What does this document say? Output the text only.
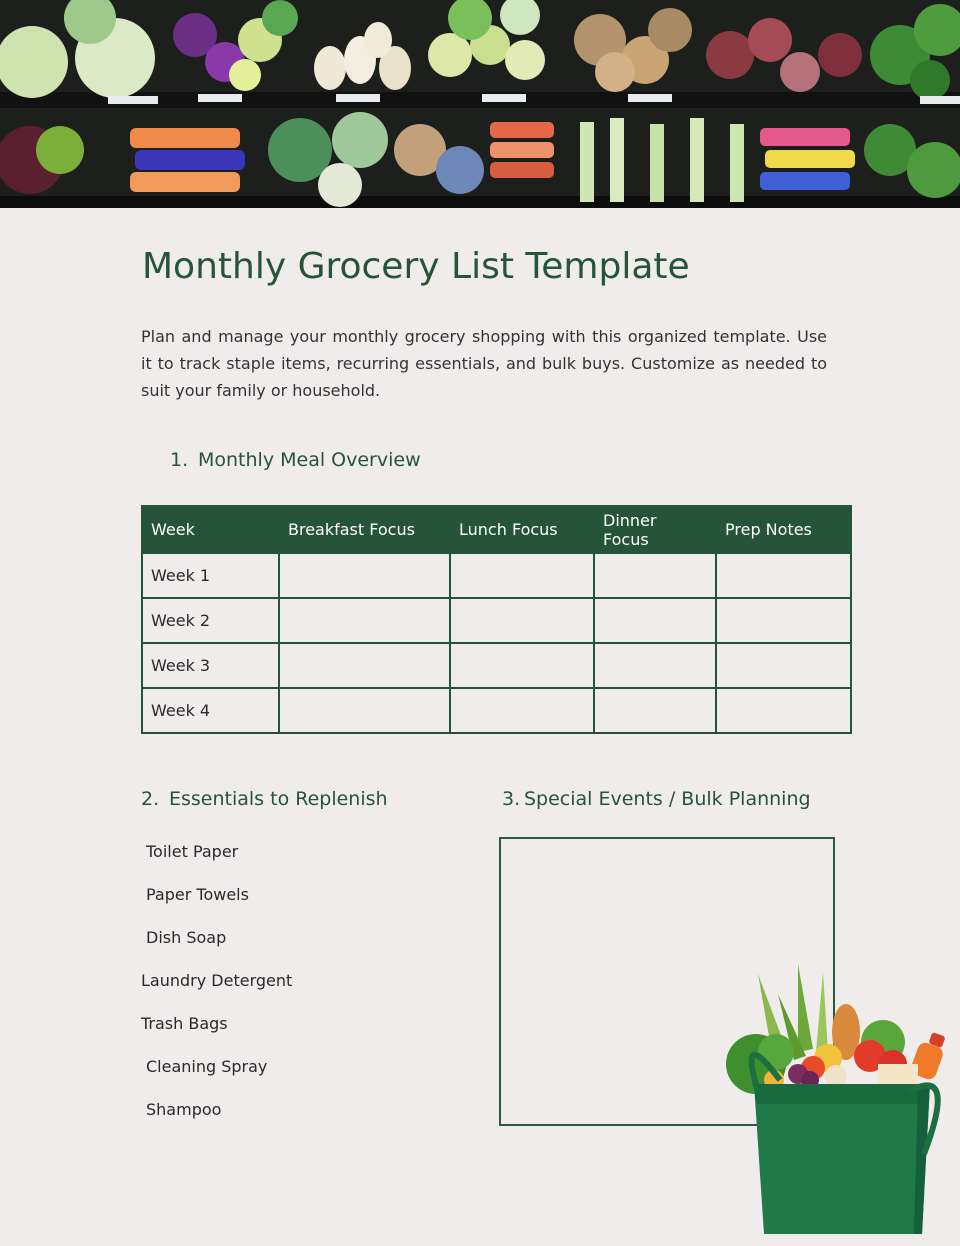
Monthly Grocery List Template

Plan and manage your monthly grocery shopping with this organized template. Use it to track staple items, recurring essentials, and bulk buys. Customize as needed to suit your family or household.

1. Monthly Meal Overview
Week	Breakfast Focus	Lunch Focus	Dinner Focus	Prep Notes
Week 1				
Week 2				
Week 3				
Week 4				
2. Essentials to Replenish
Toilet Paper
Paper Towels
Dish Soap
Laundry Detergent
Trash Bags
Cleaning Spray
Shampoo
3. Special Events / Bulk Planning
